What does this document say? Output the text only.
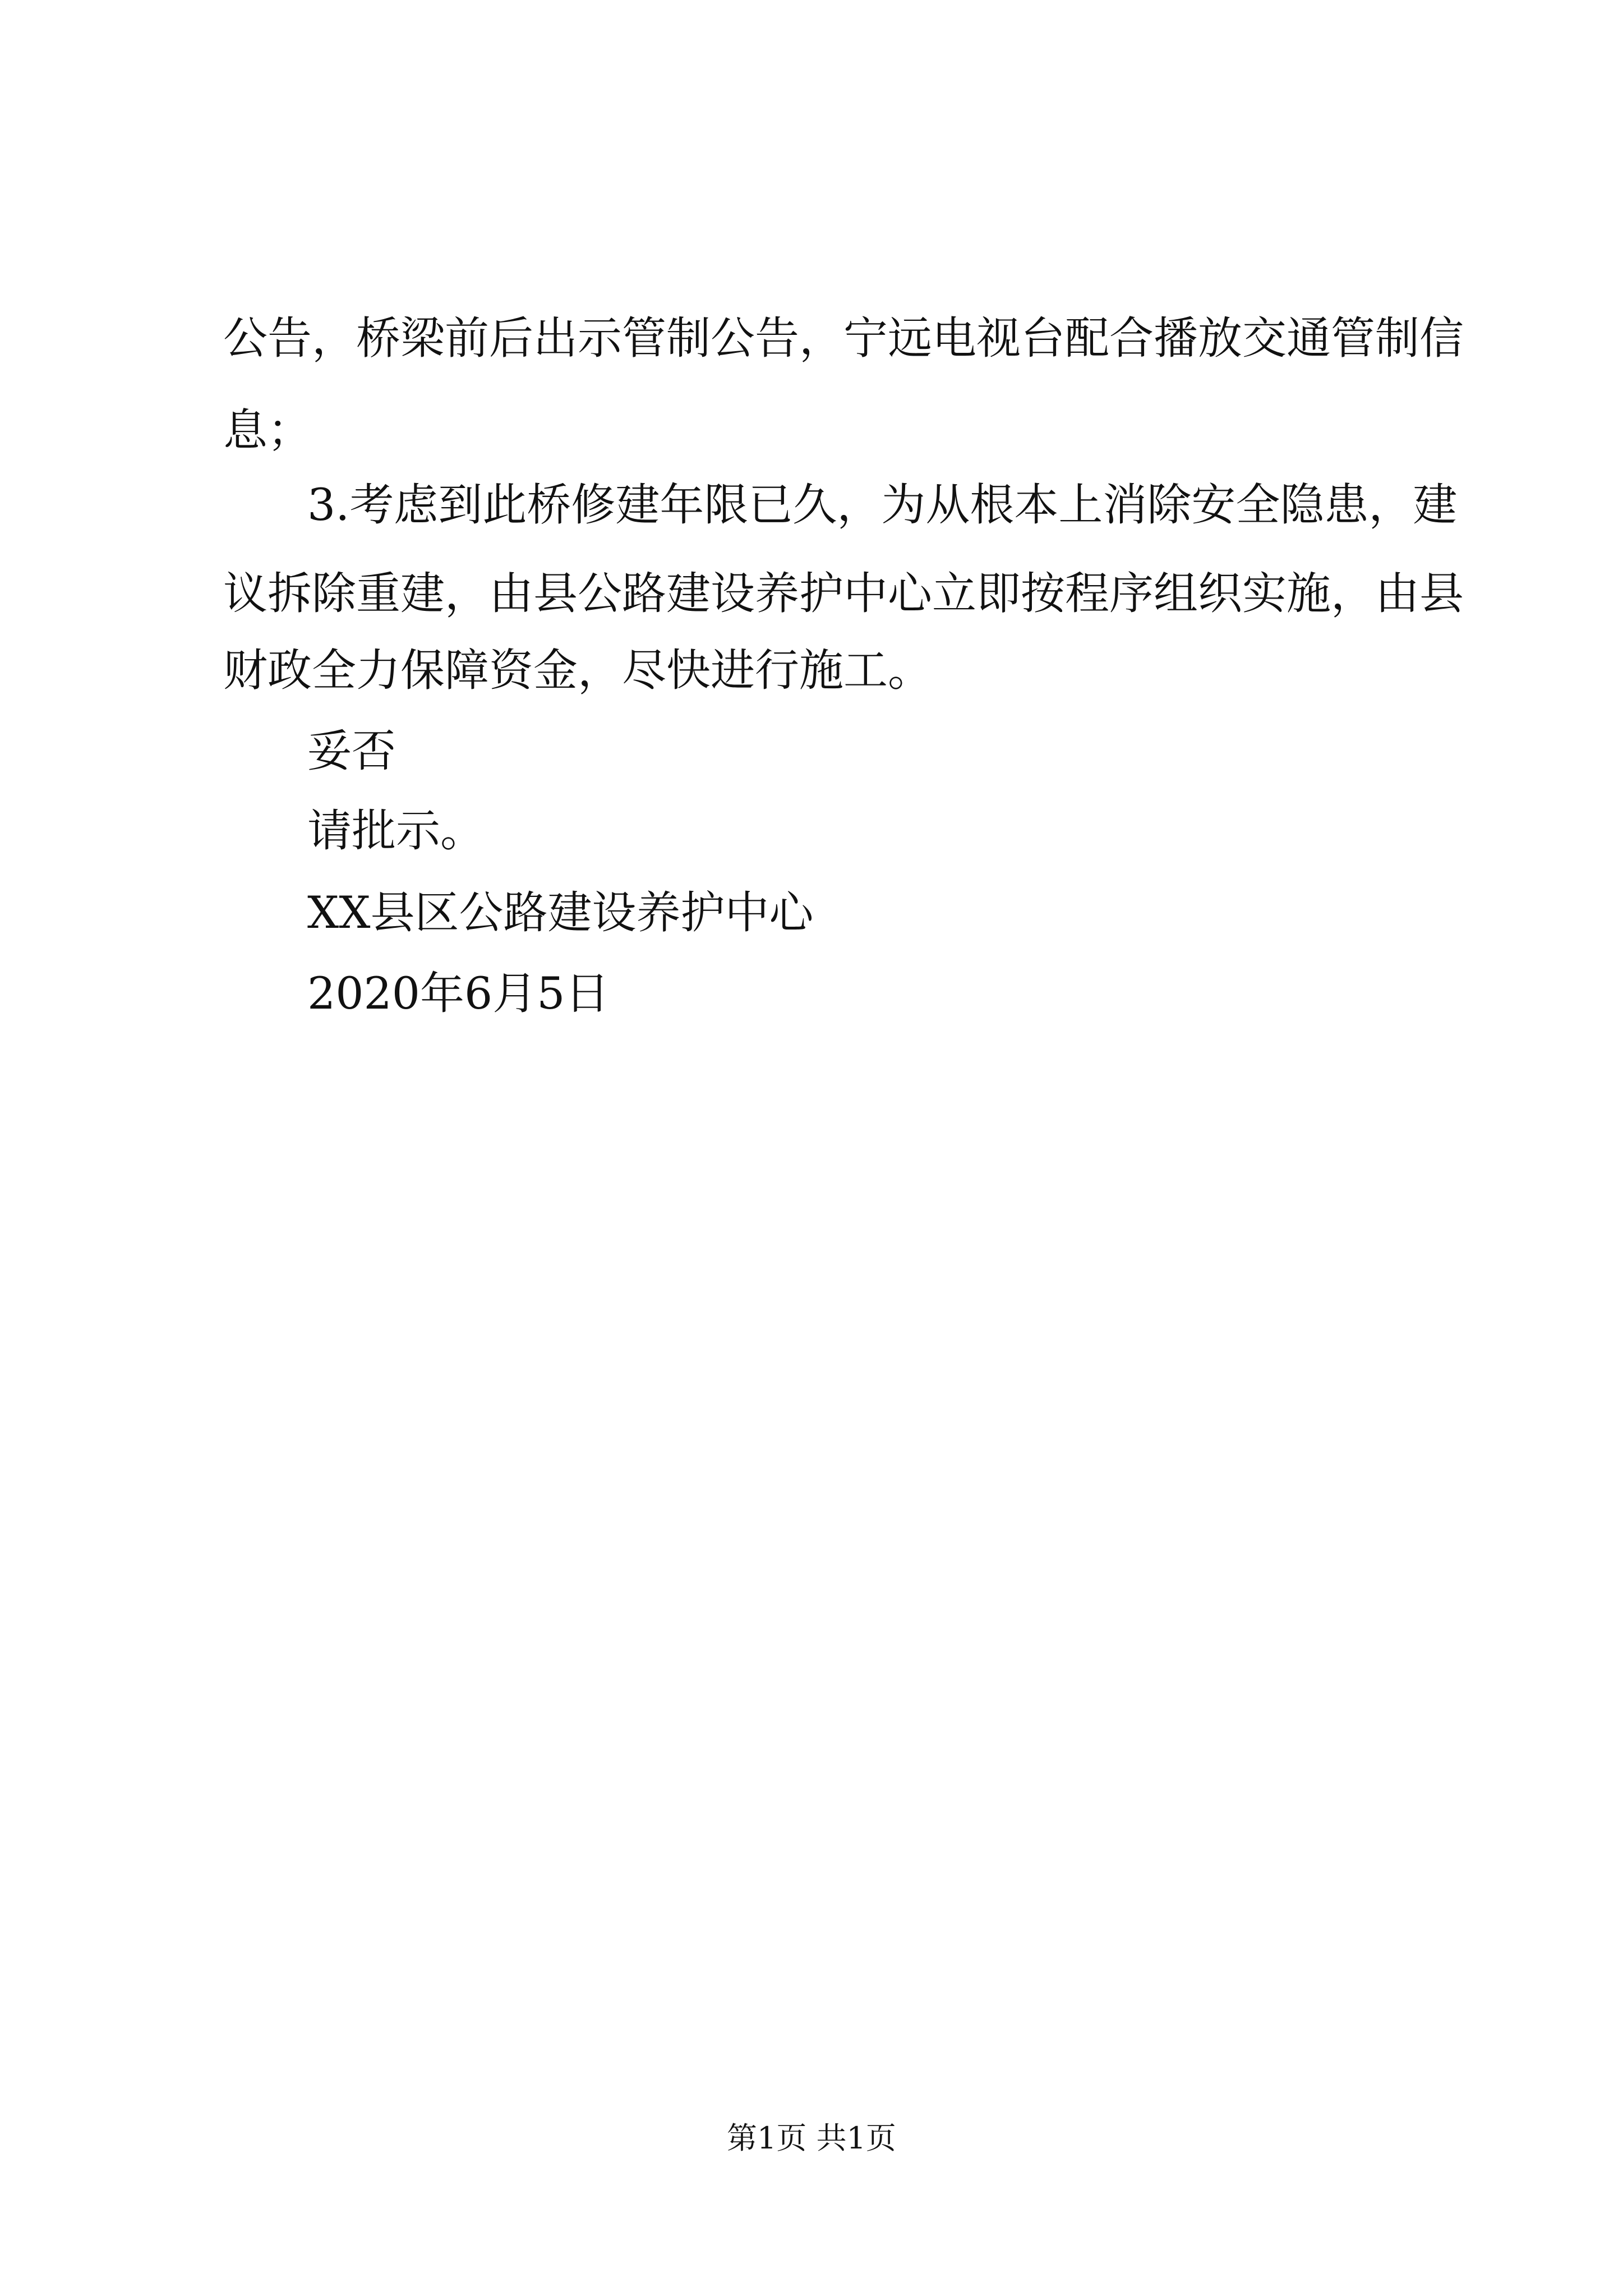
公告，桥梁前后出示管制公告，宁远电视台配合播放交通管制信
息；
3.考虑到此桥修建年限已久，为从根本上消除安全隐患，建
议拆除重建，由县公路建设养护中心立即按程序组织实施，由县
财政全力保障资金，尽快进行施工。
妥否
请批示。
XX县区公路建设养护中心
2020年6月5日
第1页 共1页
